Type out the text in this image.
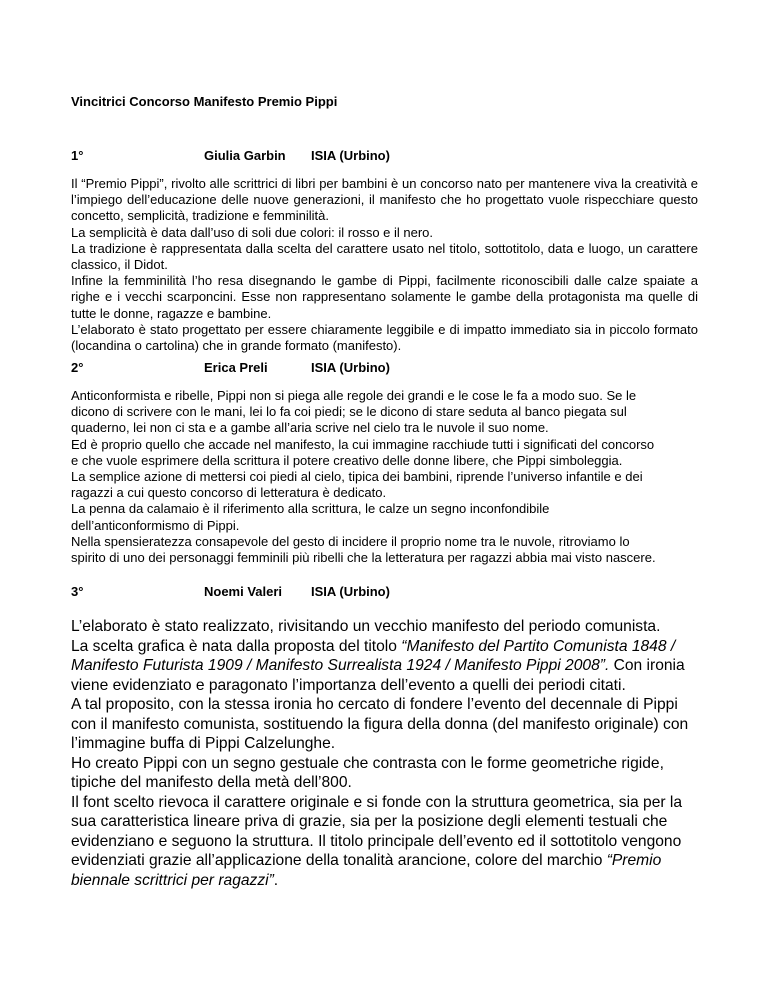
Vincitrici Concorso Manifesto Premio Pippi
1°	Giulia Garbin ISIA (Urbino)

Il “Premio Pippi”, rivolto alle scrittrici di libri per bambini è un concorso nato per mantenere viva la creatività e l’impiego dell’educazione delle nuove generazioni, il manifesto che ho progettato vuole rispecchiare questo concetto, semplicità, tradizione e femminilità.

La semplicità è data dall’uso di soli due colori: il rosso e il nero.

La tradizione è rappresentata dalla scelta del carattere usato nel titolo, sottotitolo, data e luogo, un carattere classico, il Didot.

Infine la femminilità l’ho resa disegnando le gambe di Pippi, facilmente riconoscibili dalle calze spaiate a righe e i vecchi scarponcini. Esse non rappresentano solamente le gambe della protagonista ma quelle di tutte le donne, ragazze e bambine.

L’elaborato è stato progettato per essere chiaramente leggibile e di impatto immediato sia in piccolo formato (locandina o cartolina) che in grande formato (manifesto).

2°	Erica Preli	ISIA (Urbino)
Anticonformista e ribelle, Pippi non si piega alle regole dei grandi e le cose le fa a modo suo. Se le
dicono di scrivere con le mani, lei lo fa coi piedi; se le dicono di stare seduta al banco piegata sul
quaderno, lei non ci sta e a gambe all’aria scrive nel cielo tra le nuvole il suo nome.
Ed è proprio quello che accade nel manifesto, la cui immagine racchiude tutti i significati del concorso
e che vuole esprimere della scrittura il potere creativo delle donne libere, che Pippi simboleggia.
La semplice azione di mettersi coi piedi al cielo, tipica dei bambini, riprende l’universo infantile e dei
ragazzi a cui questo concorso di letteratura è dedicato.
La penna da calamaio è il riferimento alla scrittura, le calze un segno inconfondibile
dell’anticonformismo di Pippi.
Nella spensieratezza consapevole del gesto di incidere il proprio nome tra le nuvole, ritroviamo lo
spirito di uno dei personaggi femminili più ribelli che la letteratura per ragazzi abbia mai visto nascere.
3°	Noemi Valeri ISIA (Urbino)

L’elaborato è stato realizzato, rivisitando un vecchio manifesto del periodo comunista.

La scelta grafica è nata dalla proposta del titolo “Manifesto del Partito Comunista 1848 / Manifesto Futurista 1909 / Manifesto Surrealista 1924 / Manifesto Pippi 2008”. Con ironia viene evidenziato e paragonato l’importanza dell’evento a quelli dei periodi citati.

A tal proposito, con la stessa ironia ho cercato di fondere l’evento del decennale di Pippi con il manifesto comunista, sostituendo la figura della donna (del manifesto originale) con l’immagine buffa di Pippi Calzelunghe.

Ho creato Pippi con un segno gestuale che contrasta con le forme geometriche rigide, tipiche del manifesto della metà dell’800.

Il font scelto rievoca il carattere originale e si fonde con la struttura geometrica, sia per la sua caratteristica lineare priva di grazie, sia per la posizione degli elementi testuali che evidenziano e seguono la struttura. Il titolo principale dell’evento ed il sottotitolo vengono evidenziati grazie all’applicazione della tonalità arancione, colore del marchio “Premio biennale scrittrici per ragazzi”.
